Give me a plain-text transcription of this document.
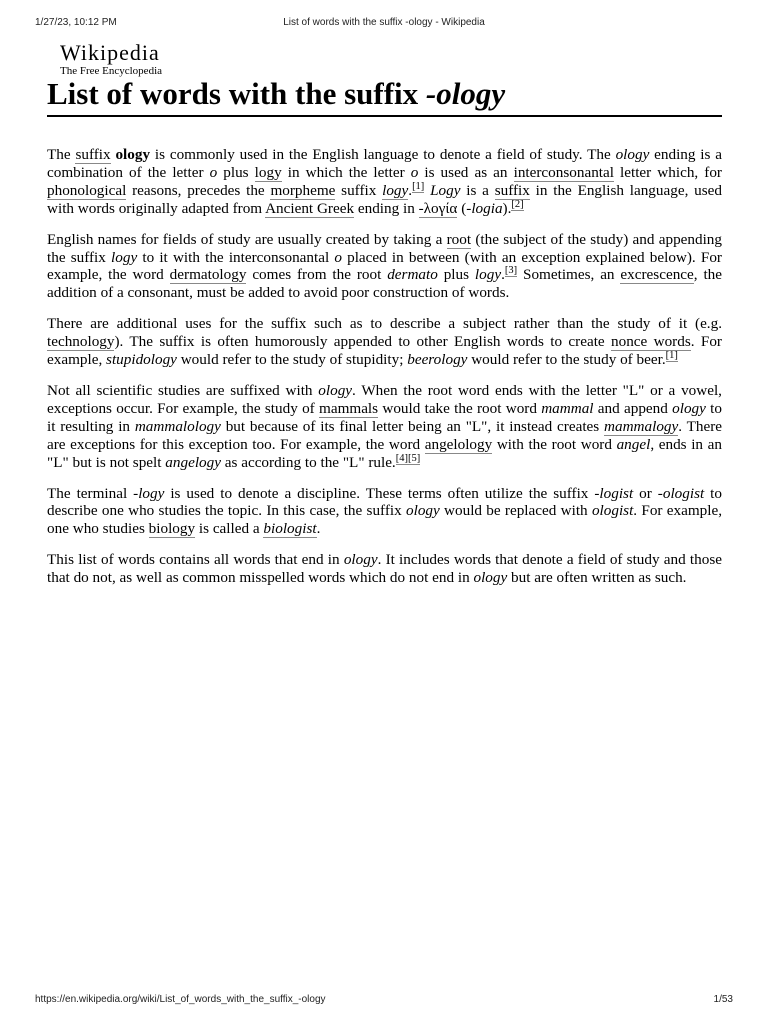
1/27/23, 10:12 PM	List of words with the suffix -ology - Wikipedia
Wikipedia
The Free Encyclopedia
List of words with the suffix -ology

The suffix ology is commonly used in the English language to denote a field of study. The ology ending is a combination of the letter o plus logy in which the letter o is used as an interconsonantal letter which, for phonological reasons, precedes the morpheme suffix logy.[1] Logy is a suffix in the English language, used with words originally adapted from Ancient Greek ending in -λογία (-logia).[2]

English names for fields of study are usually created by taking a root (the subject of the study) and appending the suffix logy to it with the interconsonantal o placed in between (with an exception explained below). For example, the word dermatology comes from the root dermato plus logy.[3] Sometimes, an excrescence, the addition of a consonant, must be added to avoid poor construction of words.

There are additional uses for the suffix such as to describe a subject rather than the study of it (e.g. technology). The suffix is often humorously appended to other English words to create nonce words. For example, stupidology would refer to the study of stupidity; beerology would refer to the study of beer.[1]

Not all scientific studies are suffixed with ology. When the root word ends with the letter "L" or a vowel, exceptions occur. For example, the study of mammals would take the root word mammal and append ology to it resulting in mammalology but because of its final letter being an "L", it instead creates mammalogy. There are exceptions for this exception too. For example, the word angelology with the root word angel, ends in an "L" but is not spelt angelogy as according to the "L" rule.[4][5]

The terminal -logy is used to denote a discipline. These terms often utilize the suffix -logist or -ologist to describe one who studies the topic. In this case, the suffix ology would be replaced with ologist. For example, one who studies biology is called a biologist.

This list of words contains all words that end in ology. It includes words that denote a field of study and those that do not, as well as common misspelled words which do not end in ology but are often written as such.

https://en.wikipedia.org/wiki/List_of_words_with_the_suffix_-ology	1/53
